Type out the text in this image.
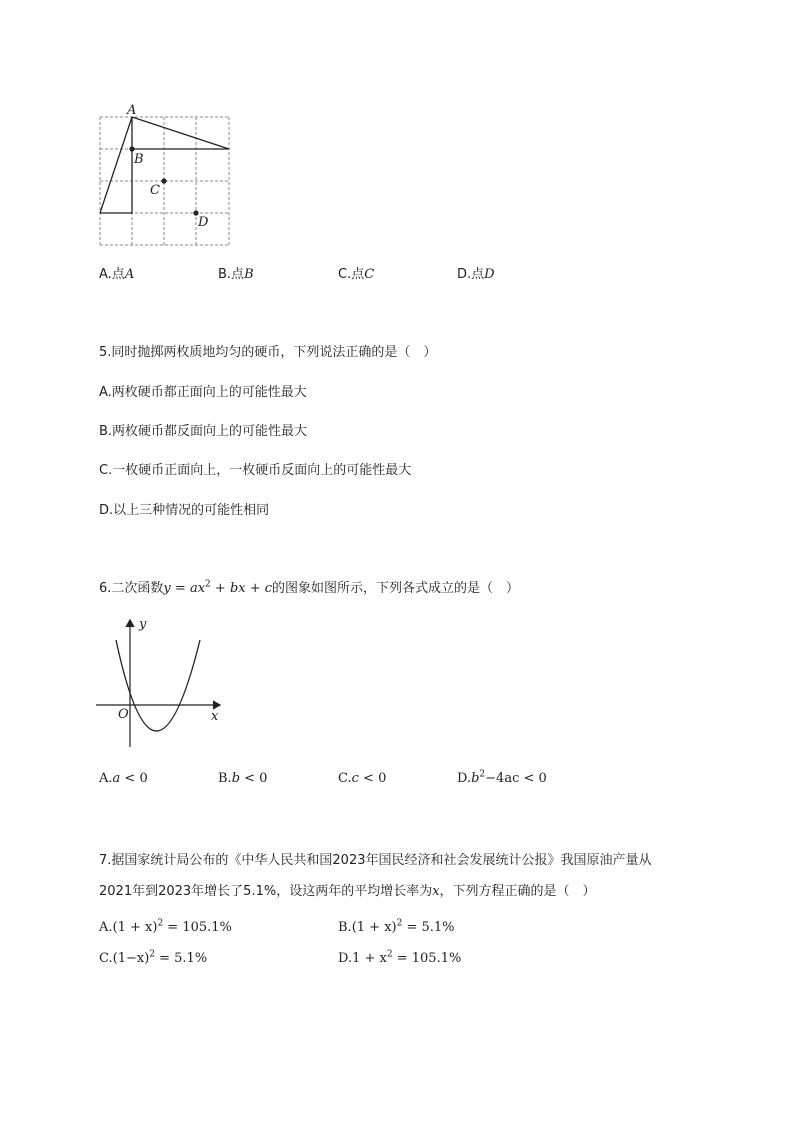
A
B
C
D
A.点A	B.点B	C.点C	D.点D
5.同时抛掷两枚质地均匀的硬币，下列说法正确的是（　）
A.两枚硬币都正面向上的可能性最大
B.两枚硬币都反面向上的可能性最大
C.一枚硬币正面向上，一枚硬币反面向上的可能性最大
D.以上三种情况的可能性相同
6.二次函数$y = ax^2$ + bx + c的图象如图所示，下列各式成立的是（　）
y
x
O
A.a < 0	B.b < 0	C.c < 0	$D.b^2-4ac < 0$
7.据国家统计局公布的《中华人民共和国2023年国民经济和社会发展统计公报》我国原油产量从
2021年到2023年增长了5.1%，设这两年的平均增长率为x，下列方程正确的是（　）
$A.(1 + x)^2 = 105.1\%$	$B.(1 + x)^2 = 5.1\%$
$C.(1-x)^2 = 5.1\%$	$D.1 + x^2 = 105.1\%$
